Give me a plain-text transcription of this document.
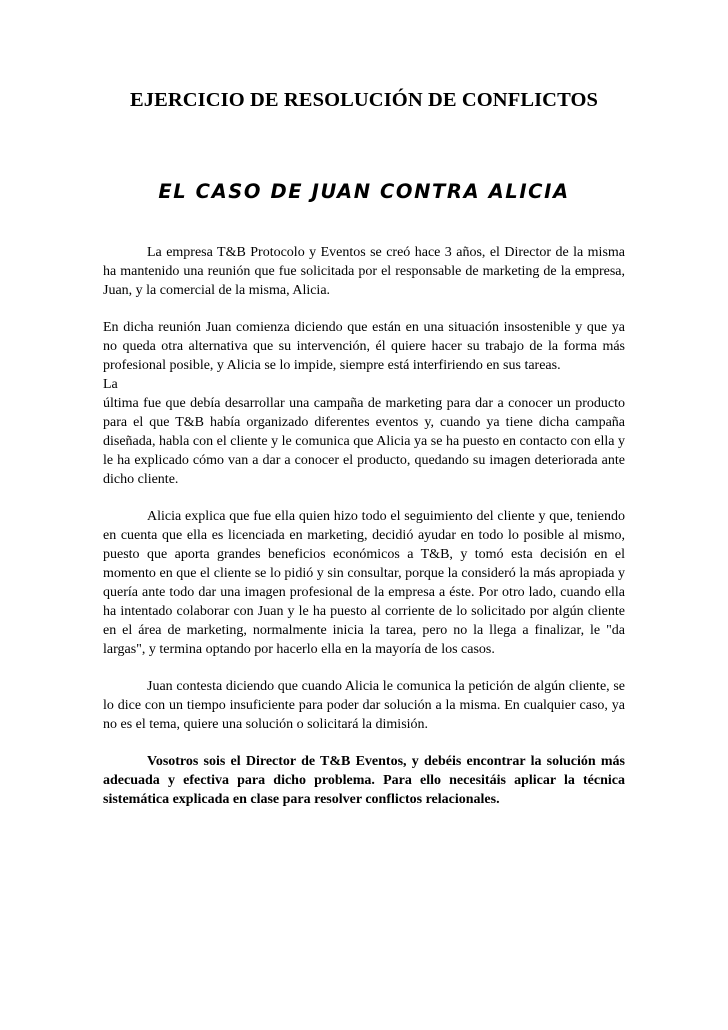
EJERCICIO DE RESOLUCIÓN DE CONFLICTOS
EL CASO DE JUAN CONTRA ALICIA

La empresa T&B Protocolo y Eventos se creó hace 3 años, el Director de la misma ha mantenido una reunión que fue solicitada por el responsable de marketing de la empresa, Juan, y la comercial de la misma, Alicia.

En dicha reunión Juan comienza diciendo que están en una situación insostenible y que ya no queda otra alternativa que su intervención, él quiere hacer su trabajo de la forma más profesional posible, y Alicia se lo impide, siempre está interfiriendo en sus tareas.

La

última fue que debía desarrollar una campaña de marketing para dar a conocer un producto para el que T&B había organizado diferentes eventos y, cuando ya tiene dicha campaña diseñada, habla con el cliente y le comunica que Alicia ya se ha puesto en contacto con ella y le ha explicado cómo van a dar a conocer el producto, quedando su imagen deteriorada ante dicho cliente.

Alicia explica que fue ella quien hizo todo el seguimiento del cliente y que, teniendo en cuenta que ella es licenciada en marketing, decidió ayudar en todo lo posible al mismo, puesto que aporta grandes beneficios económicos a T&B, y tomó esta decisión en el momento en que el cliente se lo pidió y sin consultar, porque la consideró la más apropiada y quería ante todo dar una imagen profesional de la empresa a éste. Por otro lado, cuando ella ha intentado colaborar con Juan y le ha puesto al corriente de lo solicitado por algún cliente en el área de marketing, normalmente inicia la tarea, pero no la llega a finalizar, le "da largas", y termina optando por hacerlo ella en la mayoría de los casos.

Juan contesta diciendo que cuando Alicia le comunica la petición de algún cliente, se lo dice con un tiempo insuficiente para poder dar solución a la misma. En cualquier caso, ya no es el tema, quiere una solución o solicitará la dimisión.

Vosotros sois el Director de T&B Eventos, y debéis encontrar la solución más adecuada y efectiva para dicho problema. Para ello necesitáis aplicar la técnica sistemática explicada en clase para resolver conflictos relacionales.
